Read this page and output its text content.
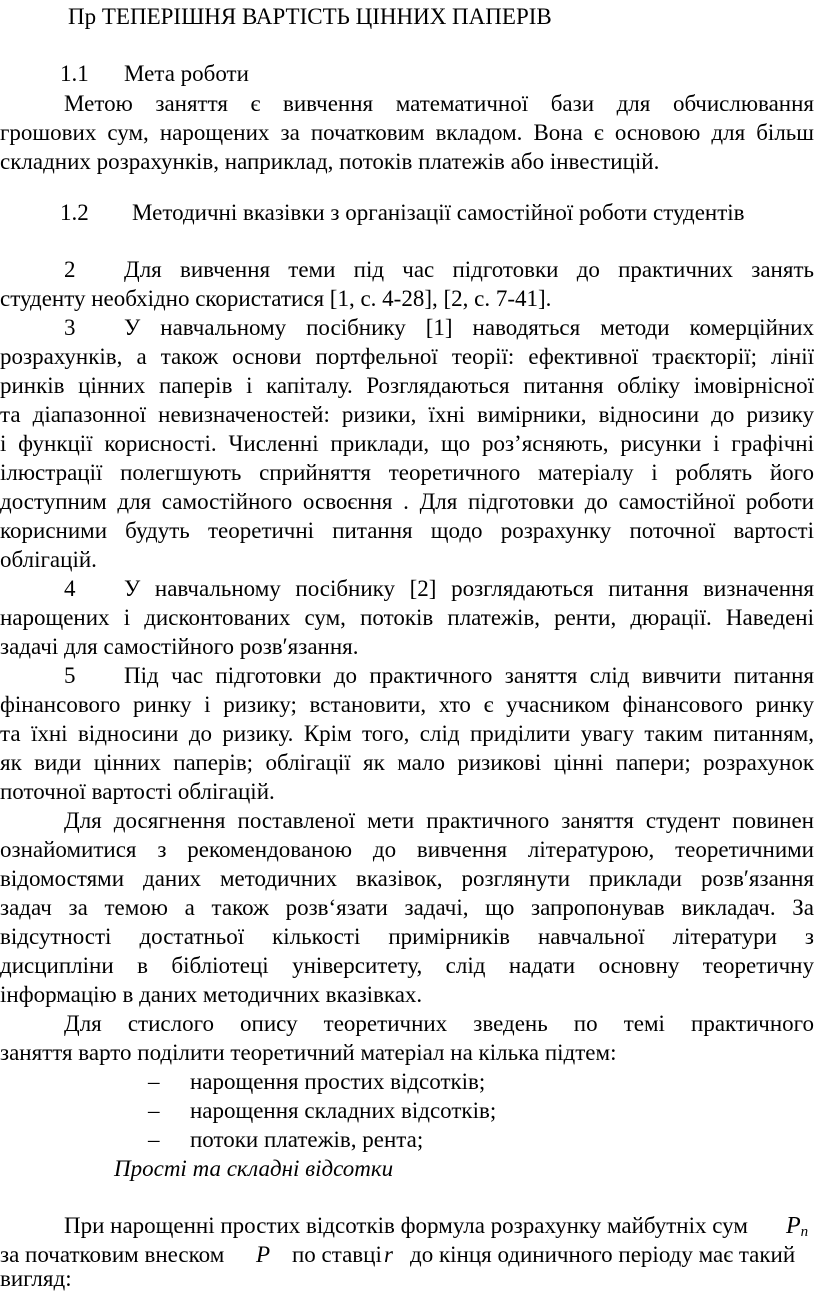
Пр ТЕПЕРІШНЯ ВАРТІСТЬ ЦІННИХ ПАПЕРІВ
1.1 Мета роботи
Метою заняття є вивчення математичної бази для обчислювання
грошових сум, нарощених за початковим вкладом. Вона є основою для більш
складних розрахунків, наприклад, потоків платежів або інвестицій.
1.2 Методичні вказівки з організації самостійної роботи студентів
2 Для вивчення теми під час підготовки до практичних занять
студенту необхідно скористатися [1, с. 4-28], [2, с. 7-41].
3 У навчальному посібнику [1] наводяться методи комерційних
розрахунків, а також основи портфельної теорії: ефективної траєкторії; лінії
ринків цінних паперів і капіталу. Розглядаються питання обліку імовірнісної
та діапазонної невизначеностей: ризики, їхні вимірники, відносини до ризику
і функції корисності. Численні приклади, що роз’ясняють, рисунки і графічні
ілюстрації полегшують сприйняття теоретичного матеріалу і роблять його
доступним для самостійного освоєння . Для підготовки до самостійної роботи
корисними будуть теоретичні питання щодо розрахунку поточної вартості
облігацій.
4 У навчальному посібнику [2] розглядаються питання визначення
нарощених і дисконтованих сум, потоків платежів, ренти, дюрації. Наведені
задачі для самостійного розв′язання.
5 Під час підготовки до практичного заняття слід вивчити питання
фінансового ринку і ризику; встановити, хто є учасником фінансового ринку
та їхні відносини до ризику. Крім того, слід приділити увагу таким питанням,
як види цінних паперів; облігації як мало ризикові цінні папери; розрахунок
поточної вартості облігацій.
Для досягнення поставленої мети практичного заняття студент повинен
ознайомитися з рекомендованою до вивчення літературою, теоретичними
відомостями даних методичних вказівок, розглянути приклади розв′язання
задач за темою а також розв‘язати задачі, що запропонував викладач. За
відсутності достатньої кількості примірників навчальної літератури з
дисципліни в бібліотеці університету, слід надати основну теоретичну
інформацію в даних методичних вказівках.
Для стислого опису теоретичних зведень по темі практичного
заняття варто поділити теоретичний матеріал на кілька підтем:
– нарощення простих відсотків;
– нарощення складних відсотків;
– потоки платежів, рента;
Прості та складні відсотки
При нарощенні простих відсотків формула розрахунку майбутніх сум $P_n$
за початковим внеском P по ставці r до кінця одиничного періоду має такий
вигляд:
